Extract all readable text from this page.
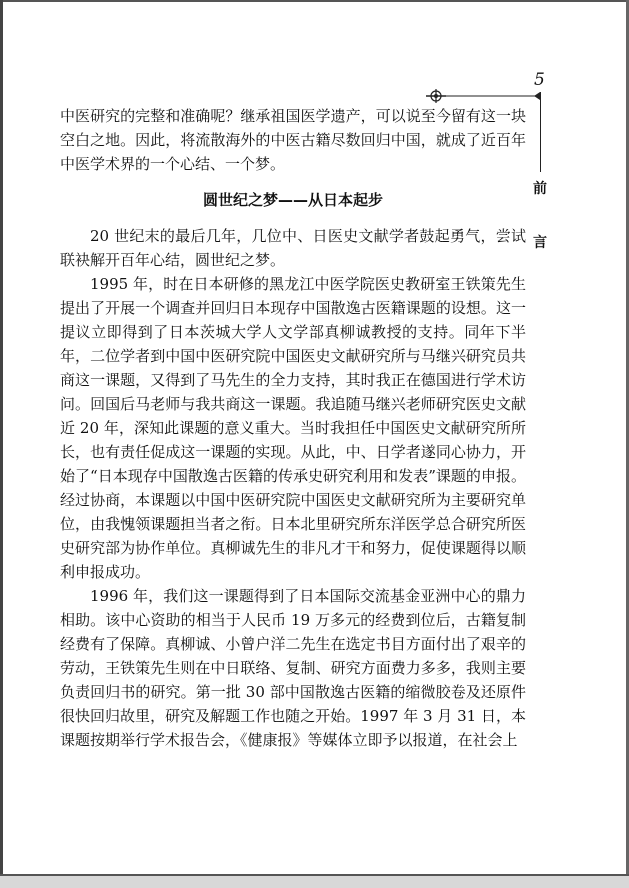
5
前
言

中医研究的完整和准确呢？继承祖国医学遗产，可以说至今留有这一块空白之地。因此，将流散海外的中医古籍尽数回归中国，就成了近百年中医学术界的一个心结、一个梦。

圆世纪之梦——从日本起步

20 世纪末的最后几年，几位中、日医史文献学者鼓起勇气，尝试联袂解开百年心结，圆世纪之梦。

1995 年，时在日本研修的黑龙江中医学院医史教研室王铁策先生提出了开展一个调查并回归日本现存中国散逸古医籍课题的设想。这一提议立即得到了日本茨城大学人文学部真柳诚教授的支持。同年下半年，二位学者到中国中医研究院中国医史文献研究所与马继兴研究员共商这一课题，又得到了马先生的全力支持，其时我正在德国进行学术访问。回国后马老师与我共商这一课题。我追随马继兴老师研究医史文献近 20 年，深知此课题的意义重大。当时我担任中国医史文献研究所所长，也有责任促成这一课题的实现。从此，中、日学者遂同心协力，开始了“日本现存中国散逸古医籍的传承史研究利用和发表”课题的申报。经过协商，本课题以中国中医研究院中国医史文献研究所为主要研究单位，由我愧领课题担当者之衔。日本北里研究所东洋医学总合研究所医史研究部为协作单位。真柳诚先生的非凡才干和努力，促使课题得以顺利申报成功。

1996 年，我们这一课题得到了日本国际交流基金亚洲中心的鼎力相助。该中心资助的相当于人民币 19 万多元的经费到位后，古籍复制经费有了保障。真柳诚、小曾户洋二先生在选定书目方面付出了艰辛的劳动，王铁策先生则在中日联络、复制、研究方面费力多多，我则主要负责回归书的研究。第一批 30 部中国散逸古医籍的缩微胶卷及还原件很快回归故里，研究及解题工作也随之开始。1997 年 3 月 31 日，本课题按期举行学术报告会，《健康报》等媒体立即予以报道，在社会上
